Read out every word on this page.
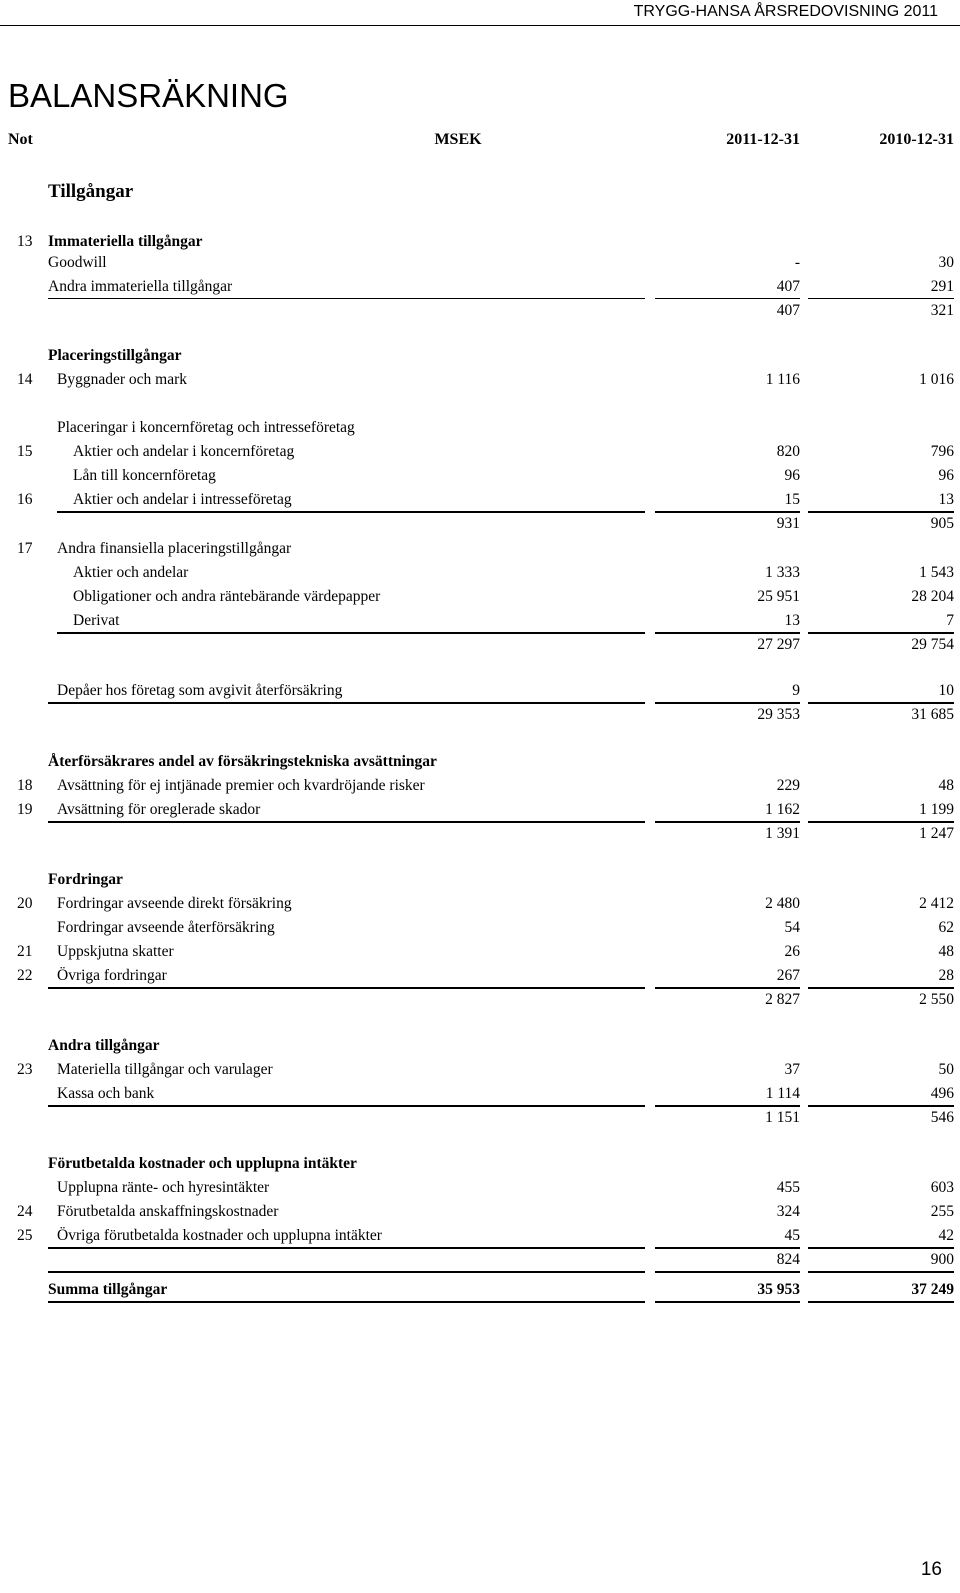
TRYGG-HANSA ÅRSREDOVISNING 2011
BALANSRÄKNING
Not	MSEK	2011-12-31	2010-12-31
Tillgångar
13	Immateriella tillgångar
Goodwill	-	30
Andra immateriella tillgångar	407	291
407	321
Placeringstillgångar
14	Byggnader och mark	1 116	1 016
Placeringar i koncernföretag och intresseföretag
15	Aktier och andelar i koncernföretag	820	796
Lån till koncernföretag	96	96
16	Aktier och andelar i intresseföretag	15	13
931	905
17	Andra finansiella placeringstillgångar
Aktier och andelar	1 333	1 543
Obligationer och andra räntebärande värdepapper	25 951	28 204
Derivat	13	7
27 297	29 754
Depåer hos företag som avgivit återförsäkring	9	10
29 353	31 685
Återförsäkrares andel av försäkringstekniska avsättningar
18	Avsättning för ej intjänade premier och kvardröjande risker	229	48
19	Avsättning för oreglerade skador	1 162	1 199
1 391	1 247
Fordringar
20	Fordringar avseende direkt försäkring	2 480	2 412
Fordringar avseende återförsäkring	54	62
21	Uppskjutna skatter	26	48
22	Övriga fordringar	267	28
2 827	2 550
Andra tillgångar
23	Materiella tillgångar och varulager	37	50
Kassa och bank	1 114	496
1 151	546
Förutbetalda kostnader och upplupna intäkter
Upplupna ränte- och hyresintäkter	455	603
24	Förutbetalda anskaffningskostnader	324	255
25	Övriga förutbetalda kostnader och upplupna intäkter	45	42
824	900
Summa tillgångar	35 953	37 249
16
